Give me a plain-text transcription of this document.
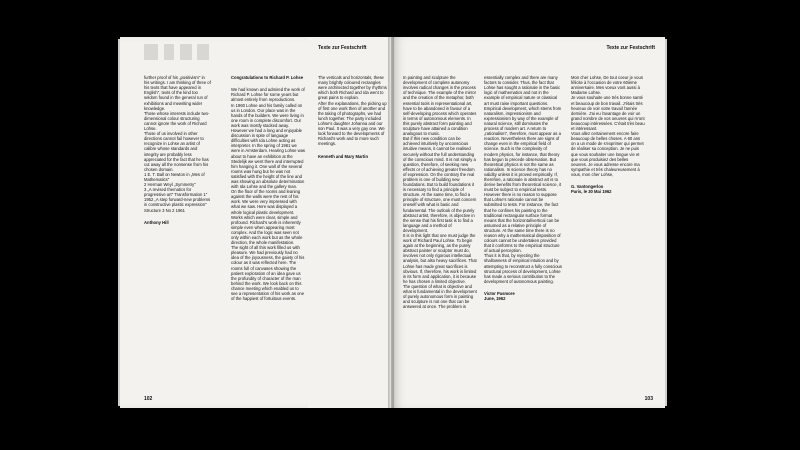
further proof of his „positivism" in his writings. I am thinking of three of his texts that have appeared in English", texts of the kind too seldom found in the general run of exhibitions and mewriting wider knowledge.
Those whose interests include two-dimensional colour structuring cannot ignore the work of Richard Lohse.
Those of us involved in other directions cannot fail however to recognize in Lohse an artist of calibre whose standards and integrity are probably less appreciated for the fact that he has cut away all the nonsense from his chosen domain.
1 E. T. Ball on Newton in „Mes of Mathematics"
2 Herman Weyl „Symmetry"
3 „A revised thematics for progressive art" Transformation 1" 1952 „A step forward-new problems in constructive plastic expression" Structure 3 No 2 1961

Anthony Hill

Congratulations to Richard P. Lohse

We had known and admired the work of Richard P. Lohse for some years but almost entirely from reproductions.
In 1960 Lohse and his family called on us in London. Our place was in the hands of the builders. We were living in one room in complete discomfort. Our work was mostly stacked away. However we had a long and enjoyable discussion in spite of language difficulties with Ida Lohse acting as interpreter. In the spring of 1961 we were in Amsterdam. Hearing Lohse was about to have an exhibition at the Stedelijk we went there and interrupted him hanging it. One wall of the several rooms was hung but he was not satisfied with the height of the line and was showing an absolute determination with Ida Lohse and the gallery man.
On the floor of the rooms and leaning against the walls were the rest of his work. We were very impressed with what we saw. Here was displayed a whole logical plastic development. Works which were clear, simple and profound. Richard's work is inherently simple even when appearing most complex. And the logic was seen not only within each work but as the whole direction, the whole manifestation.
The sight of all this work filled us with pleasure. We had previously had no idea of the joyousness, the gaiety of his colour as it was reflected here. The rooms full of canvases showing the patient exploration of an idea gave us the profundity of character of the man behind the work. We look back on this chance meeting which enabled us to see a representation of his work as one of the happiest of fortuitous events.

102
Texte zur Festschrift

The verticals and horizontals, these many brightly coloured rectangles were architected together by rhythms which both Richard and Ida went to great pains to explain.
After the explanations, the picking up of first one work then of another and the taking of photographs, we had lunch together. The party included Lohse's daughter Johanna and our son Paul. It was a very gay one. We look forward to the developments of Richard's work and to more such meetings.

Kenneth and Mary Martin

Texte zur Festschrift

In painting and sculpture the development of complete autonomy involves radical changes in the process of technique. The example of the mirror and the creation of the metaphor, both essential tools in representational art, have to be abandoned in favour of a self-developing process which operates in terms of autonomous elements. In this purely abstract form painting and sculpture have attained a condition analogous to music.
But if this new condition can be achieved intuitively by unconscious intuitive means, it cannot be realised securely without the full understanding of the conscious mind. It is not simply a question, therefore, of seeking new effects or of achieving greater freedom of expression. On the contrary the real problem is one of building new foundations. But to build foundations it is necessary to find a principle of structure. At the same time, to find a principle of structure, one must concern oneself with what is basic and fundamental. The outlook of the purely abstract artist, therefore, is objective in the sense that his first task is to find a language and a method of development.
It is in this light that one must judge the work of Richard Paul Lohse. To begin again at the beginning, as the purely abstract painter or sculptor must do, involves not only rigorous intellectual analysis, but also heavy sacrifices. That Lohse has made great sacrifices is obvious. If, therefore, his work is limited in its form and application, it is because he has chosen a limited objective.
The question of what is objective and what is fundamental in the development of purely autonomous form in painting and sculpture is not one that can be answered at once. The problem is

essentially complex and there are many factors to consider. Thus, the fact that Lohse has sought a rationale in the basic logic of mathematics and not in the example of empirical nature or classical art must raise important questions. Empirical development, which stems from naturalism, impressionism and expressionism by way of the example of natural science, still dominates the process of modern art. A return to „rationalism", therefore, must appear as a reaction. Nevertheless there are signs of change even in the empirical field of science. Such is the complexity of modern physics, for instance, that theory has begun to precede observation. But theoretical physics is not the same as rationalism. In science theory has no validity unless it is proved empirically. If, therefore, a rationale in abstract art is to derive benefits from theoretical science, it must be subject to empirical tests.
However there is no reason to suppose that Lohse's rationale cannot be submitted to tests. For instance, the fact that he confines his painting to the traditional rectangular surface format means that the horizontal/vertical can be assumed as a relative principle of structure. At the same time there is no reason why a mathematical disposition of colours cannot be undertaken provided that it conforms to the empirical structure of actual perception.
Thus it is that, by rejecting the shallowness of empirical intuition and by attempting to reconstruct a fully conscious structural process of development, Lohse has made a serious contribution to the development of autonomous painting.

Victor Pasmore
June, 1962

Mon cher Lohse, De tout coeur je vous félicite à l'occasion de votre 60ième anniversaire. Mes voeux vont aussi à Madame Lohse.
Je vous souhaite une très bonne santé et beaucoup de bon travail. J'étais très heureux de voir votre travail l'année dernière. J'ai eu l'avantage de voir un grand nombre de vos oeuvres qui m'ont beaucoup intéressées. C'était très beau et intéressant.
Vous allez certainement encore faire beaucoup de belles choses. A 60 ans on a un mode de s'exprimer qui permet de réaliser sa conception. Je ne puis que vous souhaiter une longue vie et que vous produisiez des belles oeuvres. Je vous adresse encore ma sympathie et très chaleureusement à vous, mon cher Lohse,

G. Vantongerloo
Paris, le 30 Mai 1962

103
